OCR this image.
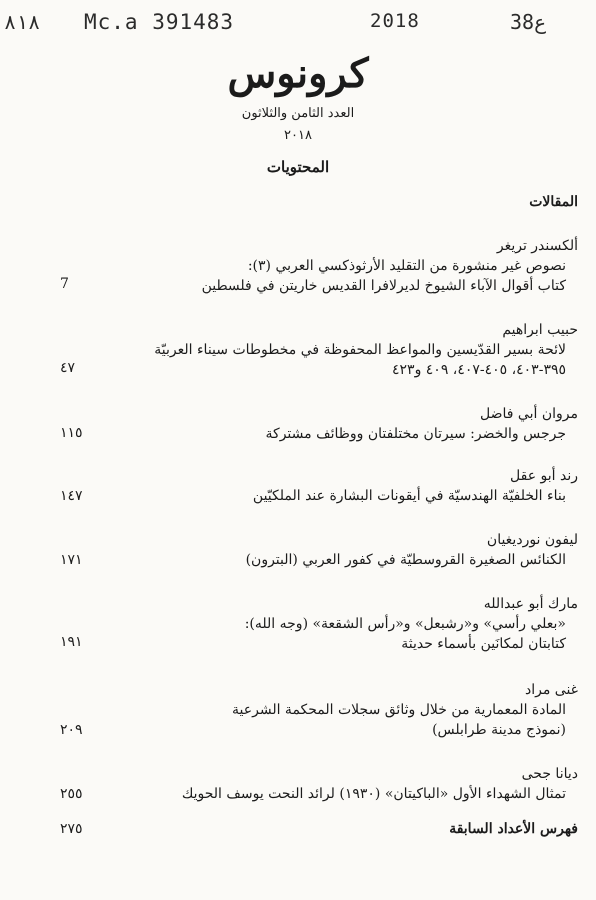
٨١٨ Mc.a 391483	2018	38ع
كرونوس
العدد الثامن والثلاثون
٢٠١٨
المحتويات
المقالات
ألكسندر تريغر
نصوص غير منشورة من التقليد الأرثوذكسي العربي (٣):
كتاب أقوال الآباء الشيوخ لديرلافرا القديس خاريتن في فلسطين
7
حبيب ابراهيم
لائحة بسير القدّيسين والمواعظ المحفوظة في مخطوطات سيناء العربيّة
٣٩٥-٤٠٣، ٤٠٥-٤٠٧، ٤٠٩ و٤٢٣
٤٧
مروان أبي فاضل
جرجس والخضر: سيرتان مختلفتان ووظائف مشتركة
١١٥
رند أبو عقل
بناء الخلفيّة الهندسيّة في أيقونات البشارة عند الملكيّين
١٤٧
ليفون نورديغيان
الكنائس الصغيرة القروسطيّة في كفور العربي (البترون)
١٧١
مارك أبو عبدالله
«بعلي رأسي» و«رشبعل» و«رأس الشقعة» (وجه الله):
كتابتان لمكانَين بأسماء حديثة
١٩١
غنى مراد
المادة المعمارية من خلال وثائق سجلات المحكمة الشرعية
(نموذج مدينة طرابلس)
٢٠٩
ديانا جحى
تمثال الشهداء الأول «الباكيتان» (١٩٣٠) لرائد النحت يوسف الحويك
٢٥٥
فهرس الأعداد السابقة
٢٧٥
